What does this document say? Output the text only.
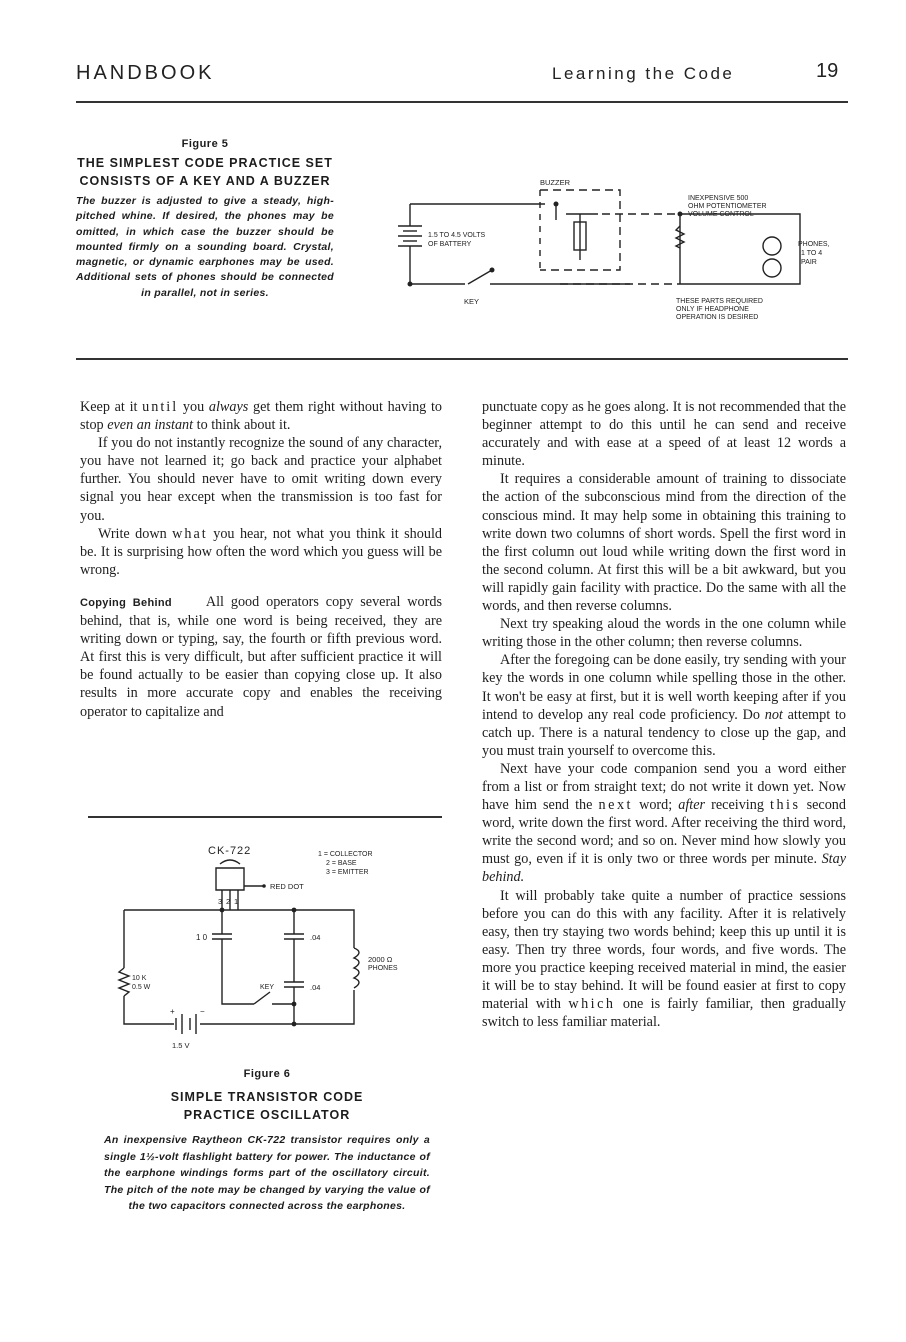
HANDBOOK	Learning the Code	19
Figure 5
THE SIMPLEST CODE PRACTICE SET CONSISTS OF A KEY AND A BUZZER
The buzzer is adjusted to give a steady, high-pitched whine. If desired, the phones may be omitted, in which case the buzzer should be mounted firmly on a sounding board. Crystal, magnetic, or dynamic earphones may be used. Additional sets of phones should be connected in parallel, not in series.
BUZZER
1.5 TO 4.5 VOLTS
OF BATTERY
KEY
INEXPENSIVE 500
OHM POTENTIOMETER
VOLUME CONTROL
PHONES,
1 TO 4
PAIR
THESE PARTS REQUIRED
ONLY IF HEADPHONE
OPERATION IS DESIRED

Keep at it until you always get them right without having to stop even an instant to think about it.

If you do not instantly recognize the sound of any character, you have not learned it; go back and practice your alphabet further. You should never have to omit writing down every signal you hear except when the transmission is too fast for you.

Write down what you hear, not what you think it should be. It is surprising how often the word which you guess will be wrong.

Copying Behind All good operators copy several words behind, that is, while one word is being received, they are writing down or typing, say, the fourth or fifth previous word. At first this is very difficult, but after sufficient practice it will be found actually to be easier than copying close up. It also results in more accurate copy and enables the receiving operator to capitalize and

CK-722	1 = COLLECTOR
2 = BASE
3 = EMITTER
RED DOT
3 2 1
1 0	.04
.04
2000 Ω
PHONES
10 K
0.5 W	KEY
+	−
1.5 V
Figure 6
SIMPLE TRANSISTOR CODE
PRACTICE OSCILLATOR
An inexpensive Raytheon CK-722 transistor requires only a single 1½-volt flashlight battery for power. The inductance of the earphone windings forms part of the oscillatory circuit. The pitch of the note may be changed by varying the value of the two capacitors connected across the earphones.

punctuate copy as he goes along. It is not recommended that the beginner attempt to do this until he can send and receive accurately and with ease at a speed of at least 12 words a minute.

It requires a considerable amount of training to dissociate the action of the subconscious mind from the direction of the conscious mind. It may help some in obtaining this training to write down two columns of short words. Spell the first word in the first column out loud while writing down the first word in the second column. At first this will be a bit awkward, but you will rapidly gain facility with practice. Do the same with all the words, and then reverse columns.

Next try speaking aloud the words in the one column while writing those in the other column; then reverse columns.

After the foregoing can be done easily, try sending with your key the words in one column while spelling those in the other. It won't be easy at first, but it is well worth keeping after if you intend to develop any real code proficiency. Do not attempt to catch up. There is a natural tendency to close up the gap, and you must train yourself to overcome this.

Next have your code companion send you a word either from a list or from straight text; do not write it down yet. Now have him send the next word; after receiving this second word, write down the first word. After receiving the third word, write the second word; and so on. Never mind how slowly you must go, even if it is only two or three words per minute. Stay behind.

It will probably take quite a number of practice sessions before you can do this with any facility. After it is relatively easy, then try staying two words behind; keep this up until it is easy. Then try three words, four words, and five words. The more you practice keeping received material in mind, the easier it will be to stay behind. It will be found easier at first to copy material with which one is fairly familiar, then gradually switch to less familiar material.
